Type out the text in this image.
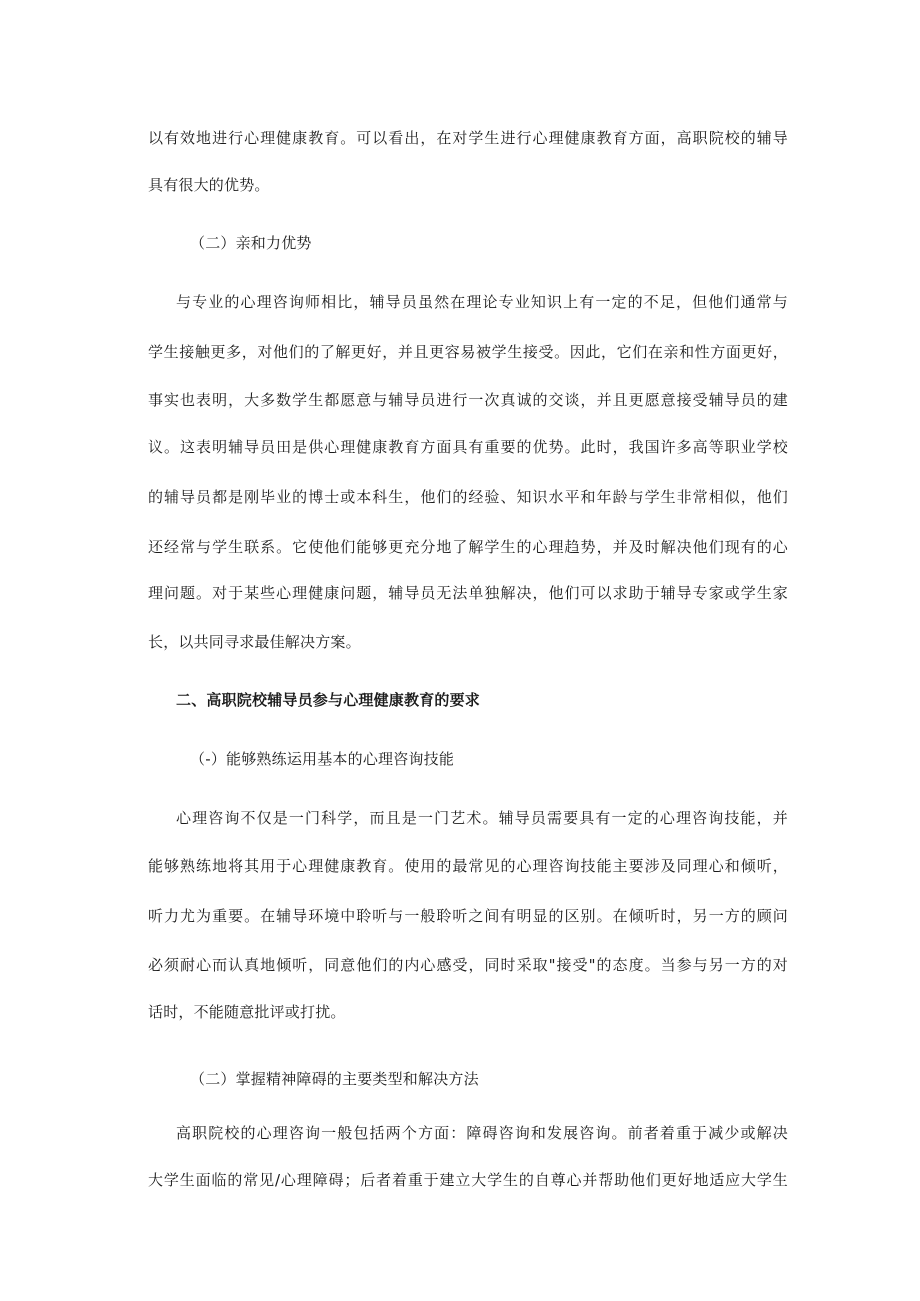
以有效地进行心理健康教育。可以看出，在对学生进行心理健康教育方面，高职院校的辅导
具有很大的优势。
（二）亲和力优势
与专业的心理咨询师相比，辅导员虽然在理论专业知识上有一定的不足，但他们通常与
学生接触更多，对他们的了解更好，并且更容易被学生接受。因此，它们在亲和性方面更好，
事实也表明，大多数学生都愿意与辅导员进行一次真诚的交谈，并且更愿意接受辅导员的建
议。这表明辅导员田是供心理健康教育方面具有重要的优势。此时，我国许多高等职业学校
的辅导员都是刚毕业的博士或本科生，他们的经验、知识水平和年龄与学生非常相似，他们
还经常与学生联系。它使他们能够更充分地了解学生的心理趋势，并及时解决他们现有的心
理问题。对于某些心理健康问题，辅导员无法单独解决，他们可以求助于辅导专家或学生家
长，以共同寻求最佳解决方案。
二、高职院校辅导员参与心理健康教育的要求
（-）能够熟练运用基本的心理咨询技能
心理咨询不仅是一门科学，而且是一门艺术。辅导员需要具有一定的心理咨询技能，并
能够熟练地将其用于心理健康教育。使用的最常见的心理咨询技能主要涉及同理心和倾听，
听力尤为重要。在辅导环境中聆听与一般聆听之间有明显的区别。在倾听时，另一方的顾问
必须耐心而认真地倾听，同意他们的内心感受，同时采取"接受"的态度。当参与另一方的对
话时，不能随意批评或打扰。
（二）掌握精神障碍的主要类型和解决方法
高职院校的心理咨询一般包括两个方面：障碍咨询和发展咨询。前者着重于减少或解决
大学生面临的常见/心理障碍；后者着重于建立大学生的自尊心并帮助他们更好地适应大学生
